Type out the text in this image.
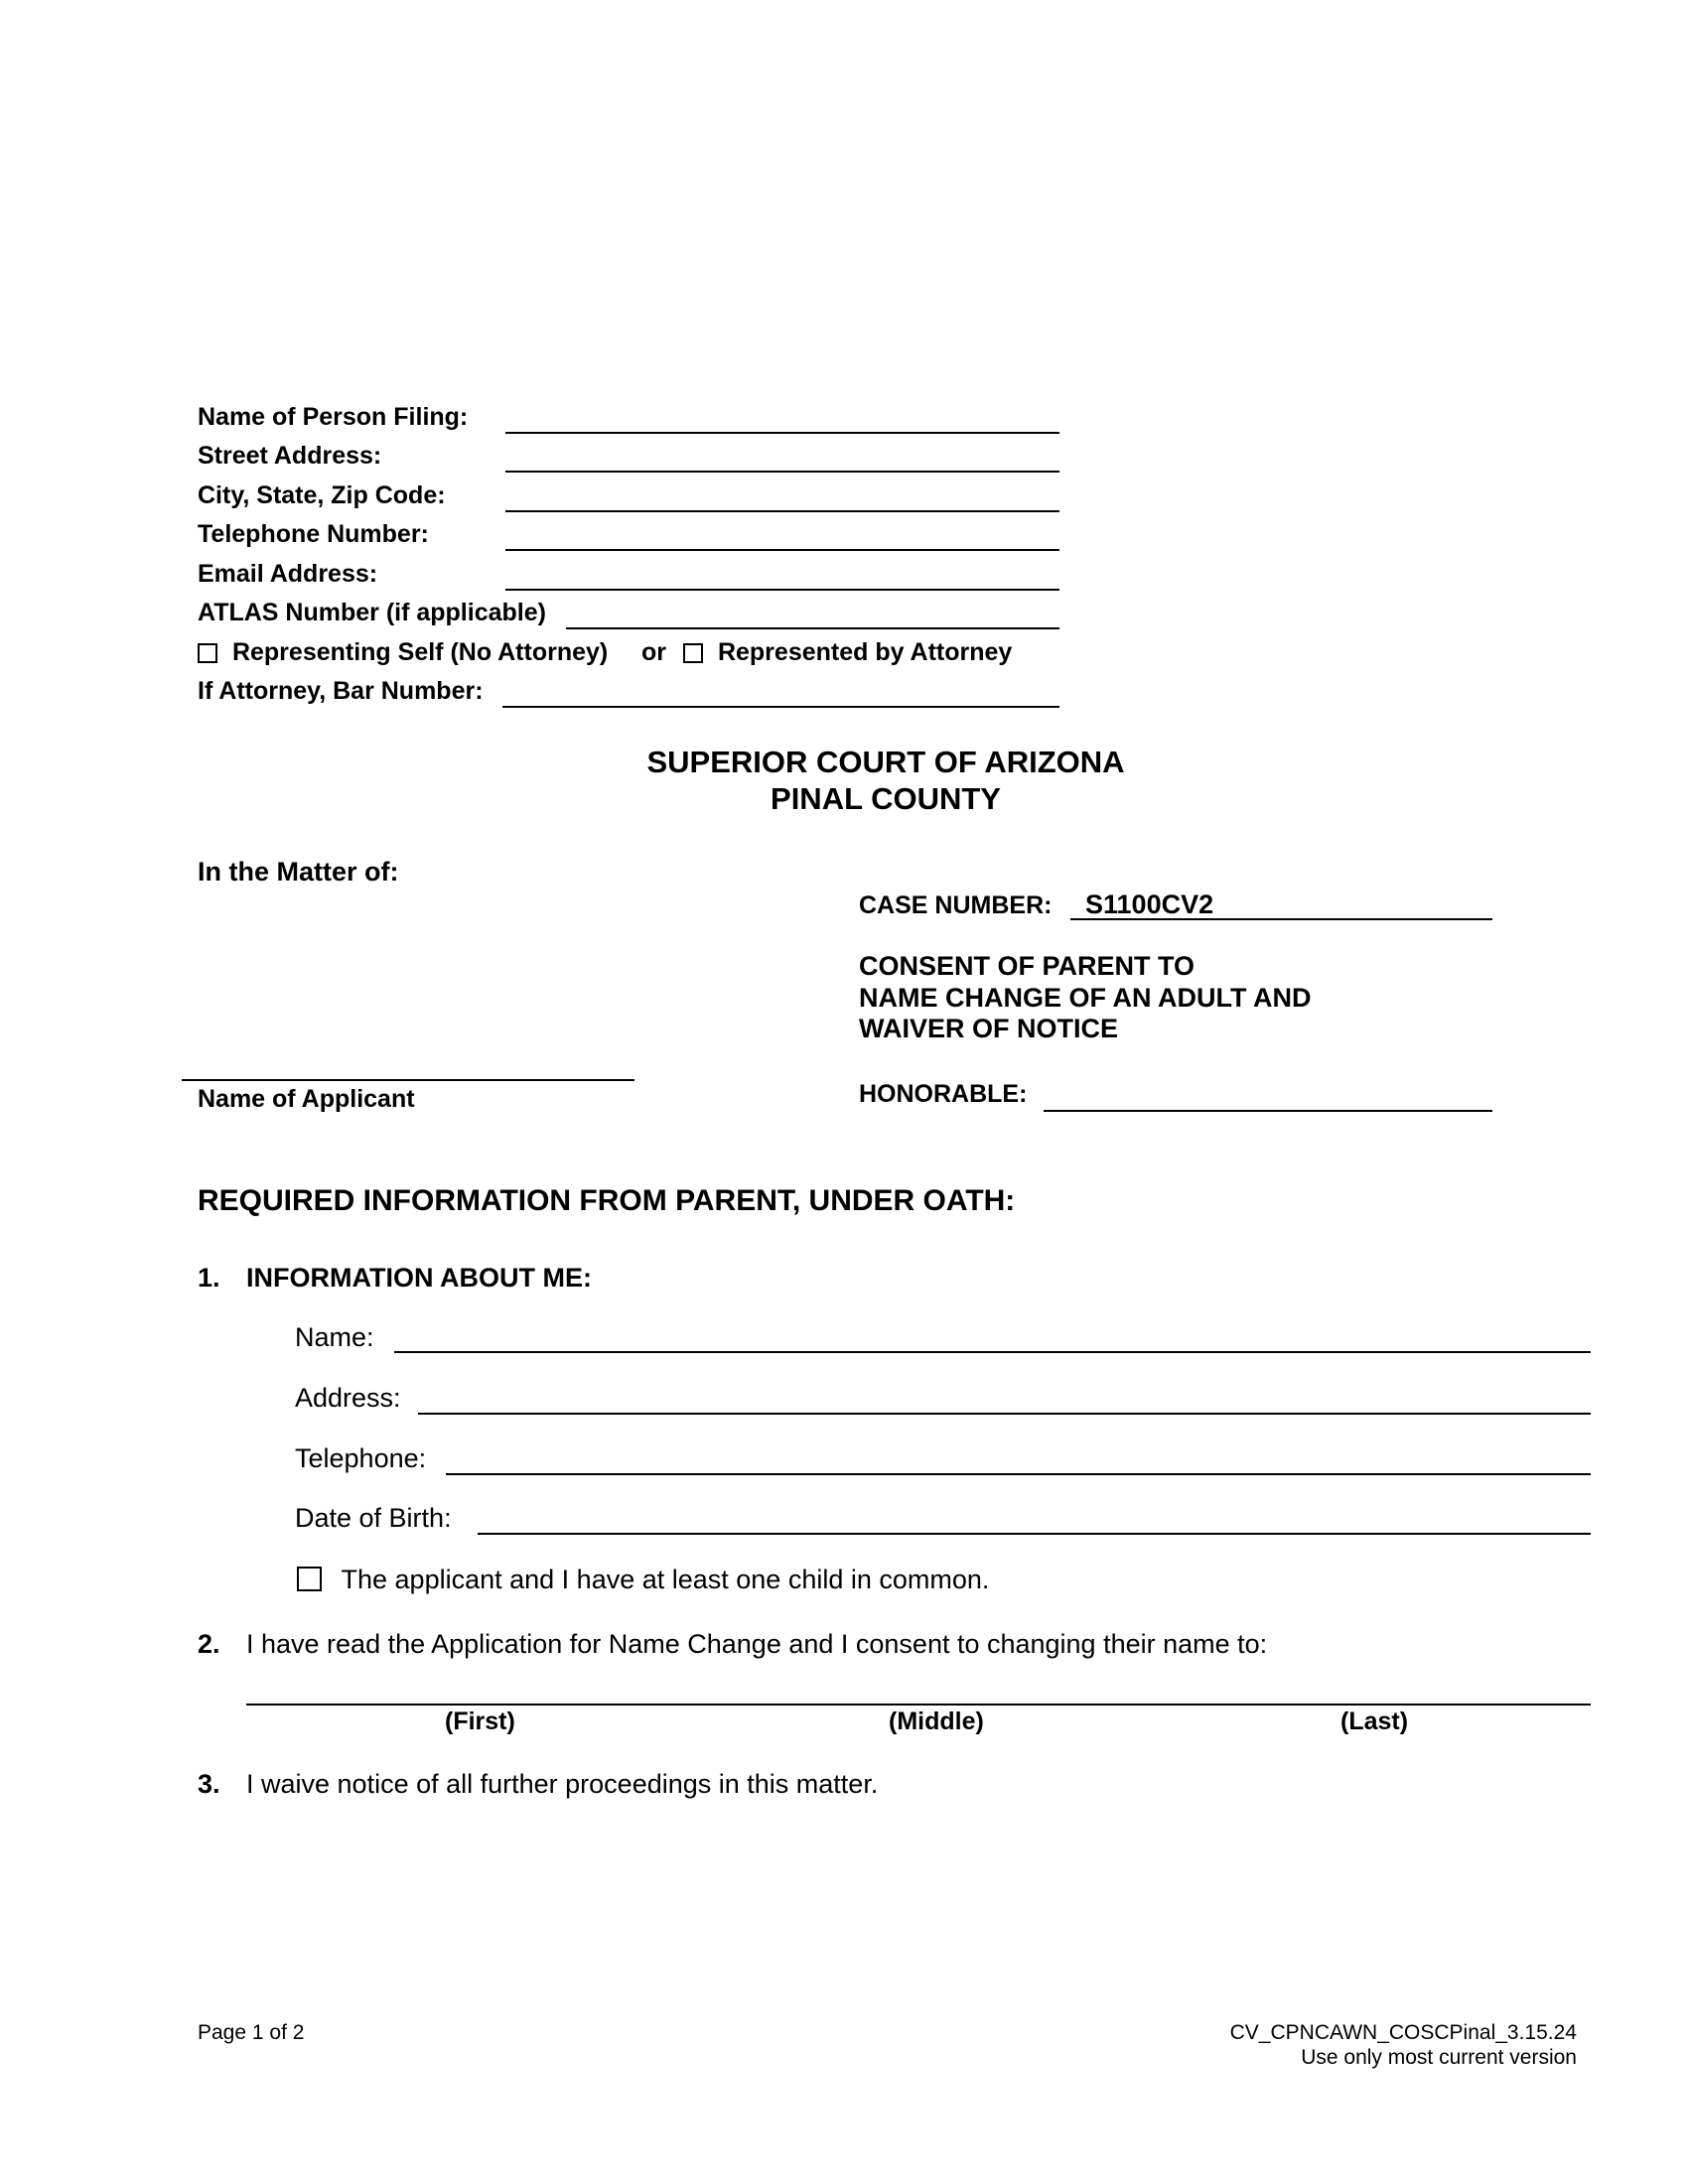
Name of Person Filing:
Street Address:
City, State, Zip Code:
Telephone Number:
Email Address:
ATLAS Number (if applicable)
Representing Self (No Attorney) or	Represented by Attorney
If Attorney, Bar Number:
SUPERIOR COURT OF ARIZONA
PINAL COUNTY
In the Matter of:
Name of Applicant
CASE NUMBER: S1100CV2
CONSENT OF PARENT TO
NAME CHANGE OF AN ADULT AND
WAIVER OF NOTICE
HONORABLE:
REQUIRED INFORMATION FROM PARENT, UNDER OATH:
1. INFORMATION ABOUT ME:
Name:
Address:
Telephone:
Date of Birth:
The applicant and I have at least one child in common.
2. I have read the Application for Name Change and I consent to changing their name to:
(First)	(Middle)	(Last)
3. I waive notice of all further proceedings in this matter.
Page 1 of 2	CV_CPNCAWN_COSCPinal_3.15.24
Use only most current version
